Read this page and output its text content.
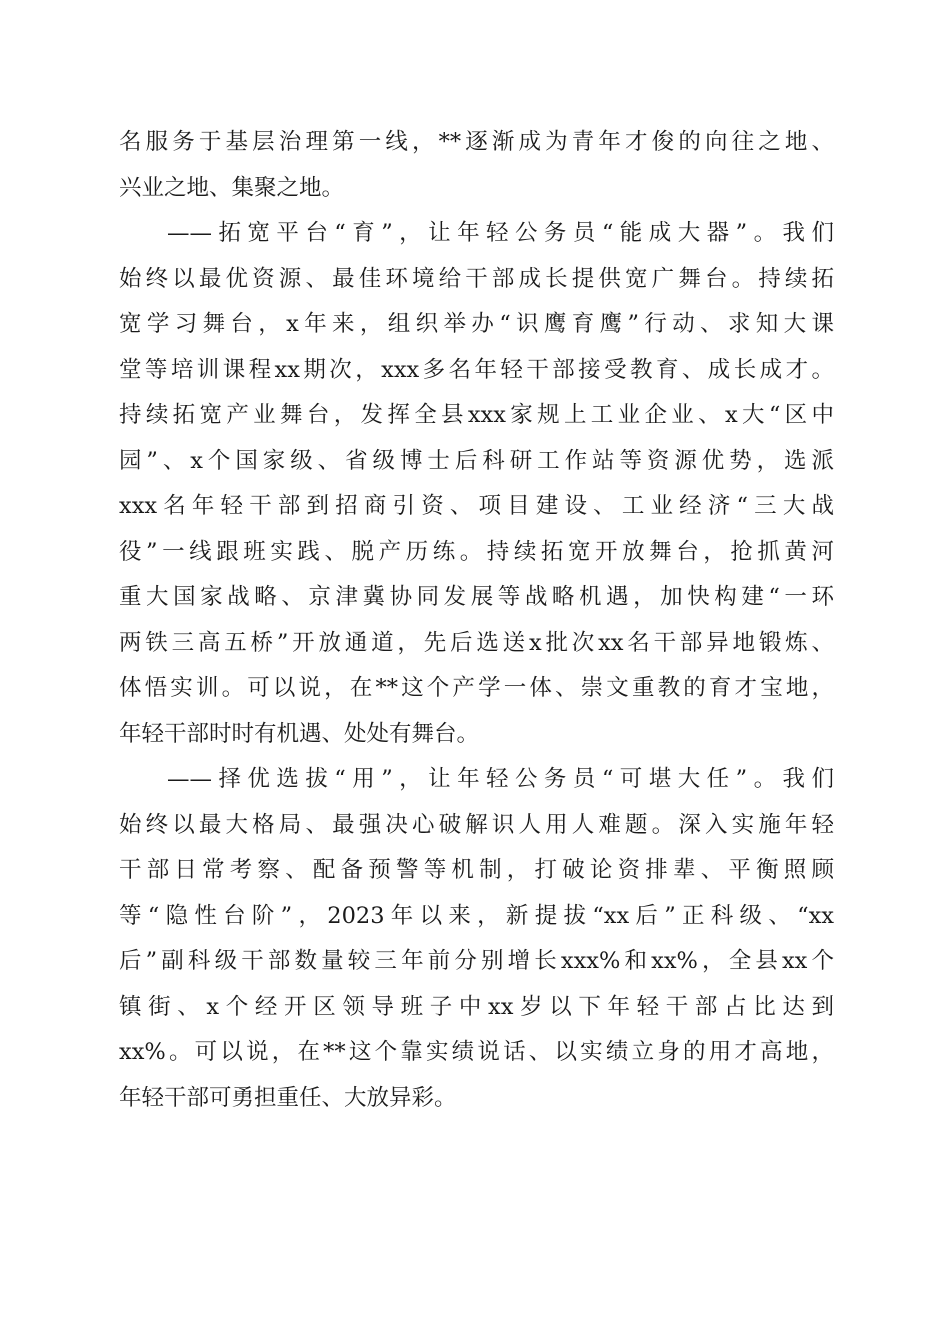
名服务于基层治理第一线，**逐渐成为青年才俊的向往之地、
兴业之地、集聚之地。
——拓宽平台“育”，让年轻公务员“能成大器”。我们
始终以最优资源、最佳环境给干部成长提供宽广舞台。持续拓
宽学习舞台，x年来，组织举办“识鹰育鹰”行动、求知大课
堂等培训课程xx期次，xxx多名年轻干部接受教育、成长成才。
持续拓宽产业舞台，发挥全县xxx家规上工业企业、x大“区中
园”、x个国家级、省级博士后科研工作站等资源优势，选派
xxx名年轻干部到招商引资、项目建设、工业经济“三大战
役”一线跟班实践、脱产历练。持续拓宽开放舞台，抢抓黄河
重大国家战略、京津冀协同发展等战略机遇，加快构建“一环
两铁三高五桥”开放通道，先后选送x批次xx名干部异地锻炼、
体悟实训。可以说，在**这个产学一体、崇文重教的育才宝地，
年轻干部时时有机遇、处处有舞台。
——择优选拔“用”，让年轻公务员“可堪大任”。我们
始终以最大格局、最强决心破解识人用人难题。深入实施年轻
干部日常考察、配备预警等机制，打破论资排辈、平衡照顾
等“隐性台阶”，2023年以来，新提拔“xx后”正科级、“xx
后”副科级干部数量较三年前分别增长xxx%和xx%，全县xx个
镇街、x个经开区领导班子中xx岁以下年轻干部占比达到
xx%。可以说，在**这个靠实绩说话、以实绩立身的用才高地，
年轻干部可勇担重任、大放异彩。
